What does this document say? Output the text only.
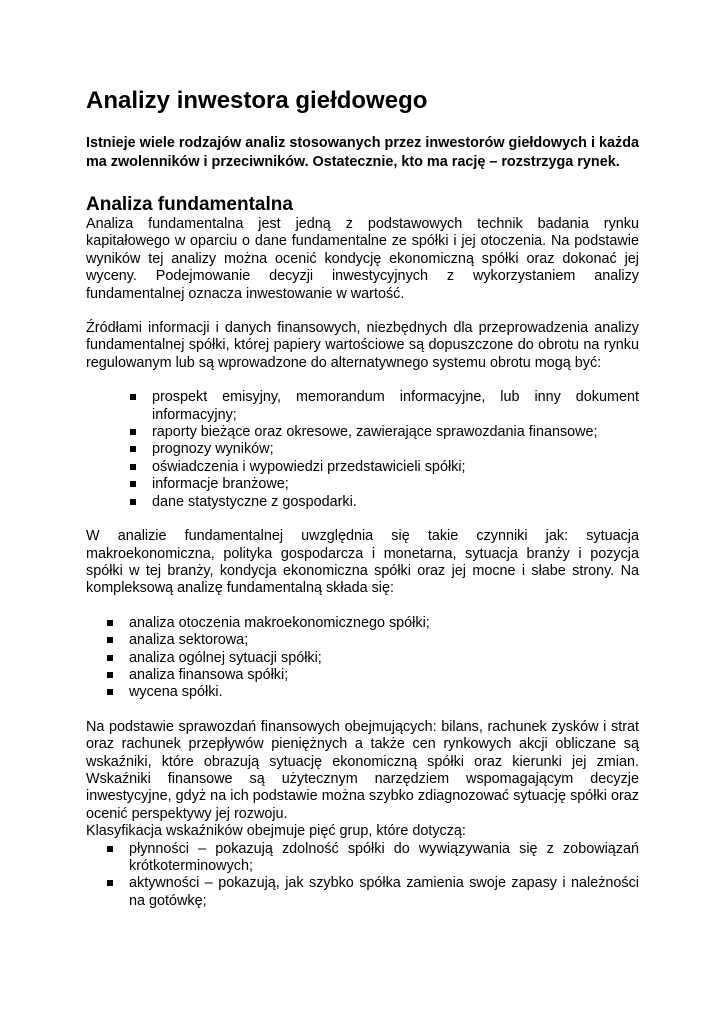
Analizy inwestora giełdowego
Istnieje wiele rodzajów analiz stosowanych przez inwestorów giełdowych i każda ma zwolenników i przeciwników. Ostatecznie, kto ma rację – rozstrzyga rynek.
Analiza fundamentalna

Analiza fundamentalna jest jedną z podstawowych technik badania rynku kapitałowego w oparciu o dane fundamentalne ze spółki i jej otoczenia. Na podstawie wyników tej analizy można ocenić kondycję ekonomiczną spółki oraz dokonać jej wyceny. Podejmowanie decyzji inwestycyjnych z wykorzystaniem analizy fundamentalnej oznacza inwestowanie w wartość.

Źródłami informacji i danych finansowych, niezbędnych dla przeprowadzenia analizy fundamentalnej spółki, której papiery wartościowe są dopuszczone do obrotu na rynku regulowanym lub są wprowadzone do alternatywnego systemu obrotu mogą być:

prospekt emisyjny, memorandum informacyjne, lub inny dokument informacyjny;
raporty bieżące oraz okresowe, zawierające sprawozdania finansowe;
prognozy wyników;
oświadczenia i wypowiedzi przedstawicieli spółki;
informacje branżowe;
dane statystyczne z gospodarki.

W analizie fundamentalnej uwzględnia się takie czynniki jak: sytuacja makroekonomiczna, polityka gospodarcza i monetarna, sytuacja branży i pozycja spółki w tej branży, kondycja ekonomiczna spółki oraz jej mocne i słabe strony. Na kompleksową analizę fundamentalną składa się:

analiza otoczenia makroekonomicznego spółki;
analiza sektorowa;
analiza ogólnej sytuacji spółki;
analiza finansowa spółki;
wycena spółki.

Na podstawie sprawozdań finansowych obejmujących: bilans, rachunek zysków i strat oraz rachunek przepływów pieniężnych a także cen rynkowych akcji obliczane są wskaźniki, które obrazują sytuację ekonomiczną spółki oraz kierunki jej zmian. Wskaźniki finansowe są użytecznym narzędziem wspomagającym decyzje inwestycyjne, gdyż na ich podstawie można szybko zdiagnozować sytuację spółki oraz ocenić perspektywy jej rozwoju.

Klasyfikacja wskaźników obejmuje pięć grup, które dotyczą:

płynności – pokazują zdolność spółki do wywiązywania się z zobowiązań krótkoterminowych;
aktywności – pokazują, jak szybko spółka zamienia swoje zapasy i należności na gotówkę;
